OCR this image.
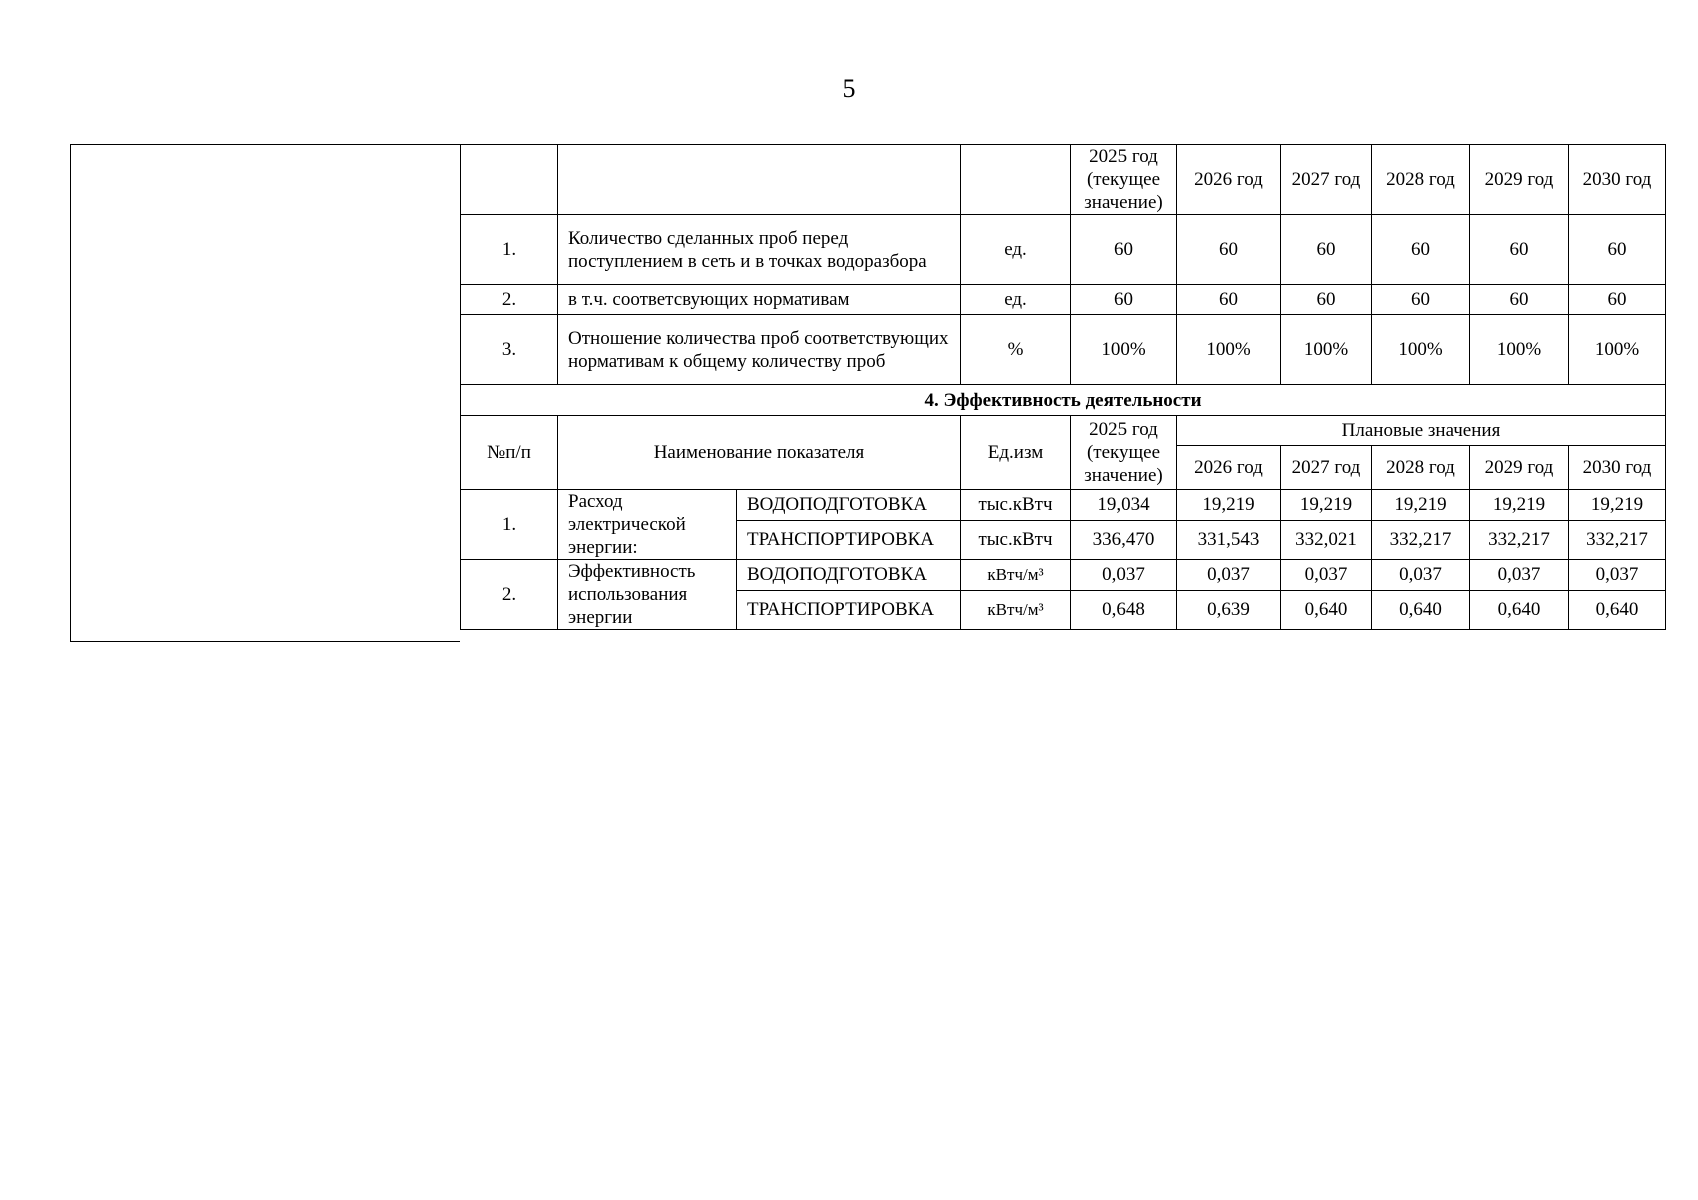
5
				2025 год (текущее значение)	2026 год	2027 год	2028 год	2029 год	2030 год
1.	Количество сделанных проб перед поступлением в сеть и в точках водоразбора		ед.	60	60	60	60	60	60
2.	в т.ч. соответсвующих нормативам		ед.	60	60	60	60	60	60
3.	Отношение количества проб соответствующих нормативам к общему количеству проб		%	100%	100%	100%	100%	100%	100%
4. Эффективность деятельности									
№п/п	Наименование показателя		Ед.изм	2025 год (текущее значение)	Плановые значения				
					2026 год	2027 год	2028 год	2029 год	2030 год
1.	Расход электрической энергии:	ВОДОПОДГОТОВКА	тыс.кВтч	19,034	19,219	19,219	19,219	19,219	19,219
		ТРАНСПОРТИРОВКА	тыс.кВтч	336,470	331,543	332,021	332,217	332,217	332,217
2.	Эффективность использования энергии	ВОДОПОДГОТОВКА	кВтч/м³	0,037	0,037	0,037	0,037	0,037	0,037
		ТРАНСПОРТИРОВКА	кВтч/м³	0,648	0,639	0,640	0,640	0,640	0,640
